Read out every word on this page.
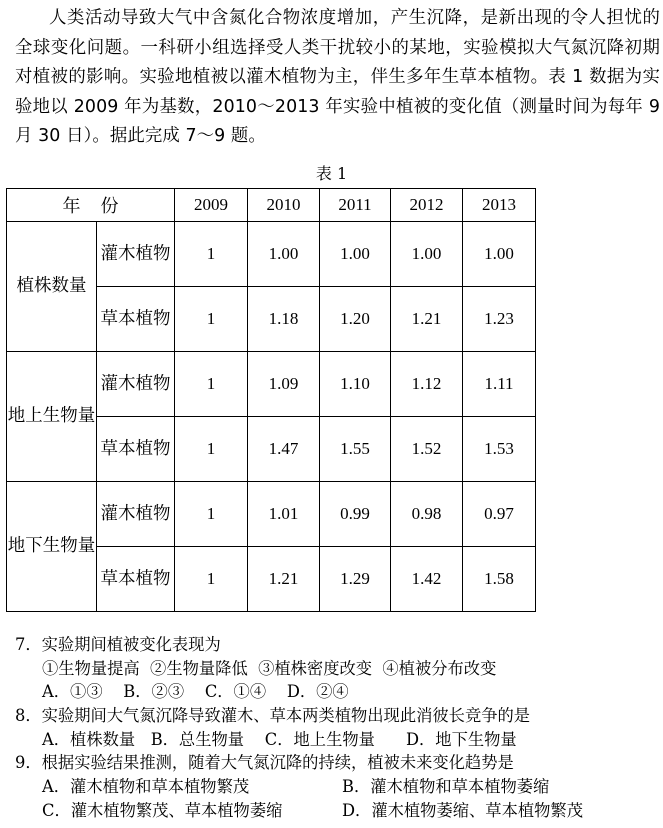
人类活动导致大气中含氮化合物浓度增加，产生沉降，是新出现的令人担忧的全球变化问题。一科研小组选择受人类干扰较小的某地，实验模拟大气氮沉降初期对植被的影响。实验地植被以灌木植物为主，伴生多年生草本植物。表 1 数据为实验地以 2009 年为基数，2010～2013 年实验中植被的变化值（测量时间为每年 9 月 30 日）。据此完成 7～9 题。

表 1
年份		2009	2010	2011	2012	2013
植株数量	灌木植物	1	1.00	1.00	1.00	1.00
	草本植物	1	1.18	1.20	1.21	1.23
地上生物量	灌木植物	1	1.09	1.10	1.12	1.11
	草本植物	1	1.47	1.55	1.52	1.53
地下生物量	灌木植物	1	1.01	0.99	0.98	0.97
	草本植物	1	1.21	1.29	1.42	1.58
7．实验期间植被变化表现为
①生物量提高  ②生物量降低  ③植株密度改变  ④植被分布改变
A．①③    B．②③    C．①④    D．②④
8．实验期间大气氮沉降导致灌木、草本两类植物出现此消彼长竞争的是
A．植株数量   B．总生物量    C．地上生物量      D．地下生物量
9．根据实验结果推测，随着大气氮沉降的持续，植被未来变化趋势是
A．灌木植物和草本植物繁茂	B．灌木植物和草本植物萎缩
C．灌木植物繁茂、草本植物萎缩	D．灌木植物萎缩、草本植物繁茂
